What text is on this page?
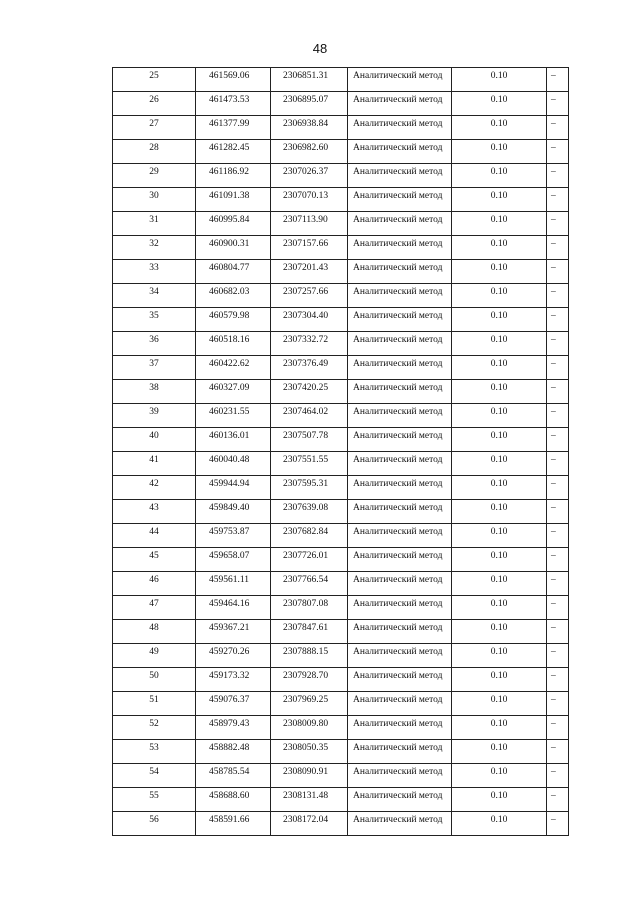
48
25	461569.06	2306851.31	Аналитический метод	0.10	–
26	461473.53	2306895.07	Аналитический метод	0.10	–
27	461377.99	2306938.84	Аналитический метод	0.10	–
28	461282.45	2306982.60	Аналитический метод	0.10	–
29	461186.92	2307026.37	Аналитический метод	0.10	–
30	461091.38	2307070.13	Аналитический метод	0.10	–
31	460995.84	2307113.90	Аналитический метод	0.10	–
32	460900.31	2307157.66	Аналитический метод	0.10	–
33	460804.77	2307201.43	Аналитический метод	0.10	–
34	460682.03	2307257.66	Аналитический метод	0.10	–
35	460579.98	2307304.40	Аналитический метод	0.10	–
36	460518.16	2307332.72	Аналитический метод	0.10	–
37	460422.62	2307376.49	Аналитический метод	0.10	–
38	460327.09	2307420.25	Аналитический метод	0.10	–
39	460231.55	2307464.02	Аналитический метод	0.10	–
40	460136.01	2307507.78	Аналитический метод	0.10	–
41	460040.48	2307551.55	Аналитический метод	0.10	–
42	459944.94	2307595.31	Аналитический метод	0.10	–
43	459849.40	2307639.08	Аналитический метод	0.10	–
44	459753.87	2307682.84	Аналитический метод	0.10	–
45	459658.07	2307726.01	Аналитический метод	0.10	–
46	459561.11	2307766.54	Аналитический метод	0.10	–
47	459464.16	2307807.08	Аналитический метод	0.10	–
48	459367.21	2307847.61	Аналитический метод	0.10	–
49	459270.26	2307888.15	Аналитический метод	0.10	–
50	459173.32	2307928.70	Аналитический метод	0.10	–
51	459076.37	2307969.25	Аналитический метод	0.10	–
52	458979.43	2308009.80	Аналитический метод	0.10	–
53	458882.48	2308050.35	Аналитический метод	0.10	–
54	458785.54	2308090.91	Аналитический метод	0.10	–
55	458688.60	2308131.48	Аналитический метод	0.10	–
56	458591.66	2308172.04	Аналитический метод	0.10	–
